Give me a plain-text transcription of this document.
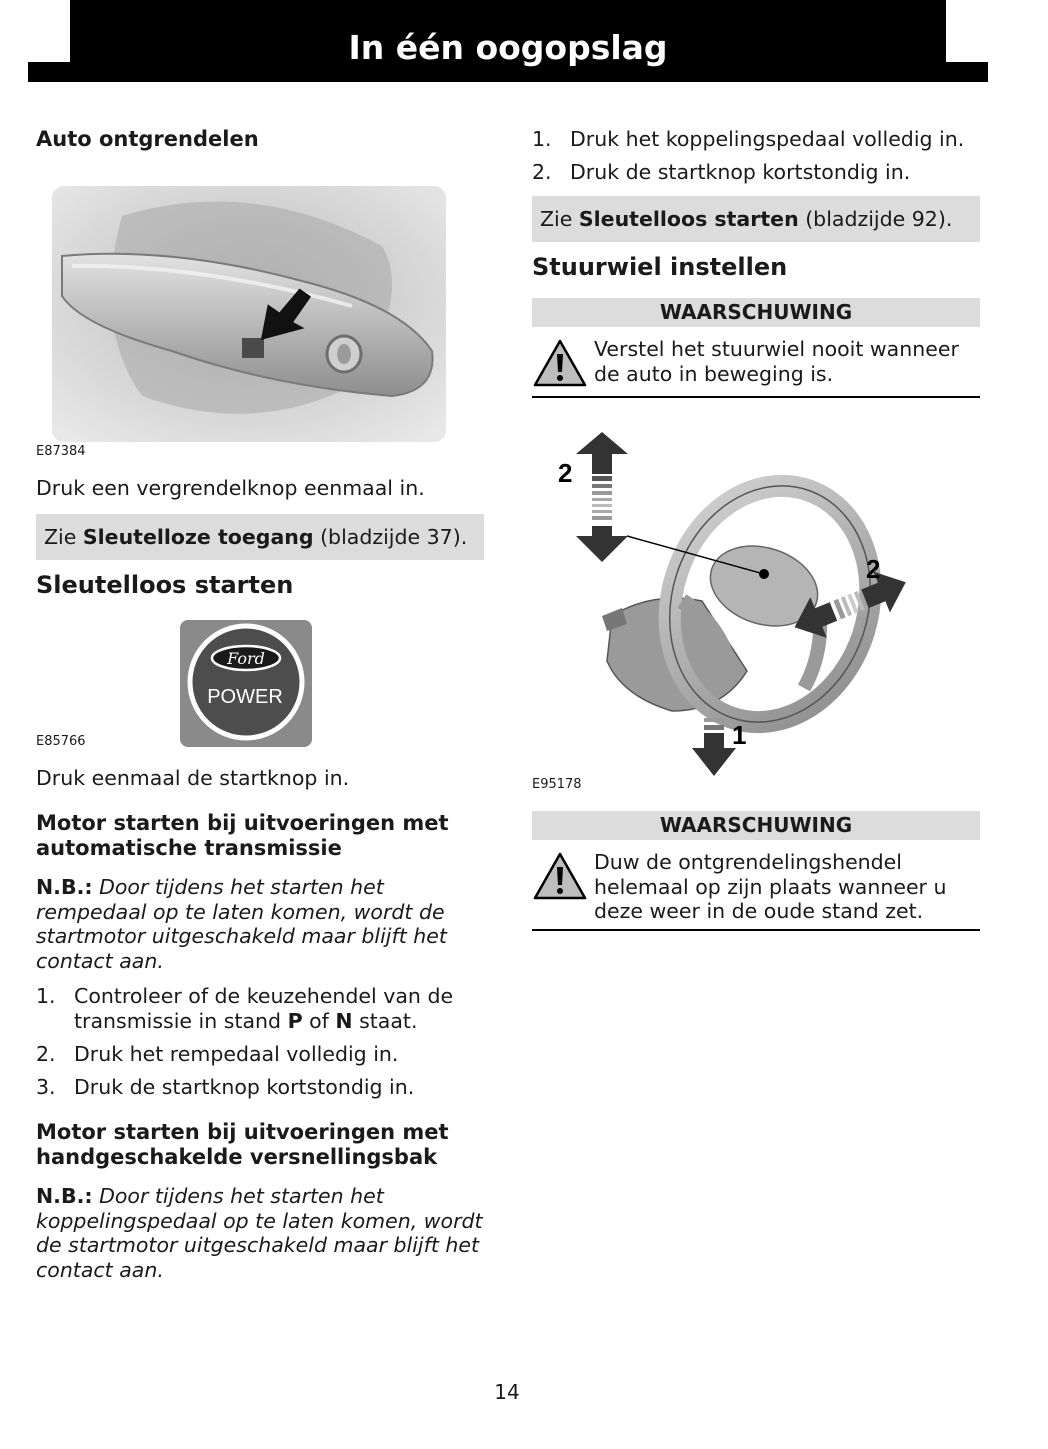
In één oogopslag
Auto ontgrendelen
E87384
Druk een vergrendelknop eenmaal in.
Zie Sleutelloze toegang (bladzijde 37).
Sleutelloos starten
Ford
POWER
E85766
Druk eenmaal de startknop in.
Motor starten bij uitvoeringen met
automatische transmissie
N.B.: Door tijdens het starten het
rempedaal op te laten komen, wordt de
startmotor uitgeschakeld maar blijft het
contact aan.
1. Controleer of de keuzehendel van de
transmissie in stand P of N staat.
2. Druk het rempedaal volledig in.
3. Druk de startknop kortstondig in.
Motor starten bij uitvoeringen met
handgeschakelde versnellingsbak
N.B.: Door tijdens het starten het
koppelingspedaal op te laten komen, wordt
de startmotor uitgeschakeld maar blijft het
contact aan.
1. Druk het koppelingspedaal volledig in.
2. Druk de startknop kortstondig in.
Zie Sleutelloos starten (bladzijde 92).
Stuurwiel instellen
WAARSCHUWING
Verstel het stuurwiel nooit wanneer
de auto in beweging is.
2
2
1
E95178
WAARSCHUWING
Duw de ontgrendelingshendel
helemaal op zijn plaats wanneer u
deze weer in de oude stand zet.
14
